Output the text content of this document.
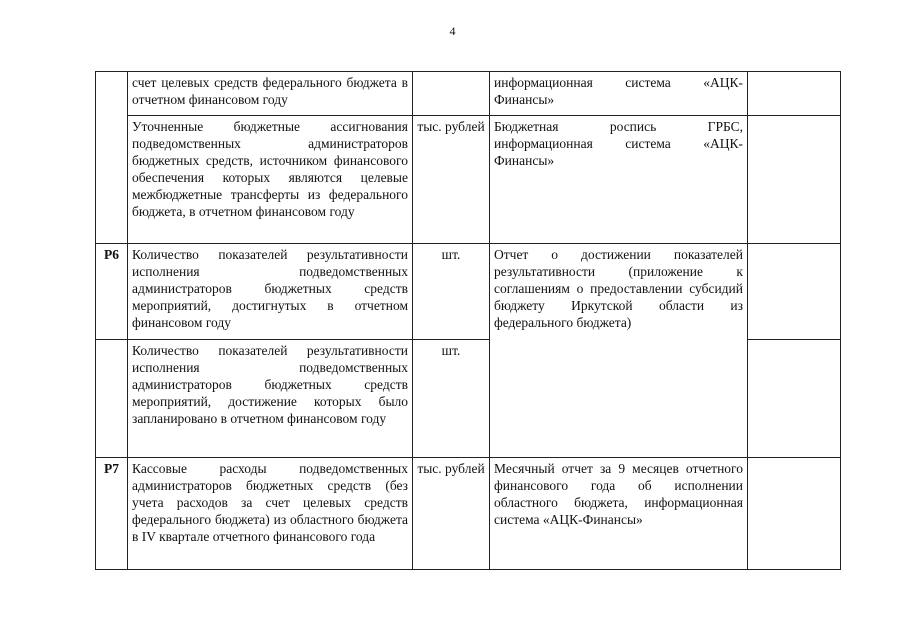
4
	счет целевых средств федерального бюджета в отчетном финансовом году		информационная система «АЦК-Финансы»	
	Уточненные бюджетные ассигнования подведомственных администраторов бюджетных средств, источником финансового обеспечения которых являются целевые межбюджетные трансферты из федерального бюджета, в отчетном финансовом году	тыс. рублей	Бюджетная роспись ГРБС, информационная система «АЦК-Финансы»	
Р6	Количество показателей результативности исполнения подведомственных администраторов бюджетных средств мероприятий, достигнутых в отчетном финансовом году	шт.	Отчет о достижении показателей результативности (приложение к соглашениям о предоставлении субсидий бюджету Иркутской области из федерального бюджета)	
	Количество показателей результативности исполнения подведомственных администраторов бюджетных средств мероприятий, достижение которых было запланировано в отчетном финансовом году	шт.		
Р7	Кассовые расходы подведомственных администраторов бюджетных средств (без учета расходов за счет целевых средств федерального бюджета) из областного бюджета в IV квартале отчетного финансового года	тыс. рублей	Месячный отчет за 9 месяцев отчетного финансового года об исполнении областного бюджета, информационная система «АЦК-Финансы»	
